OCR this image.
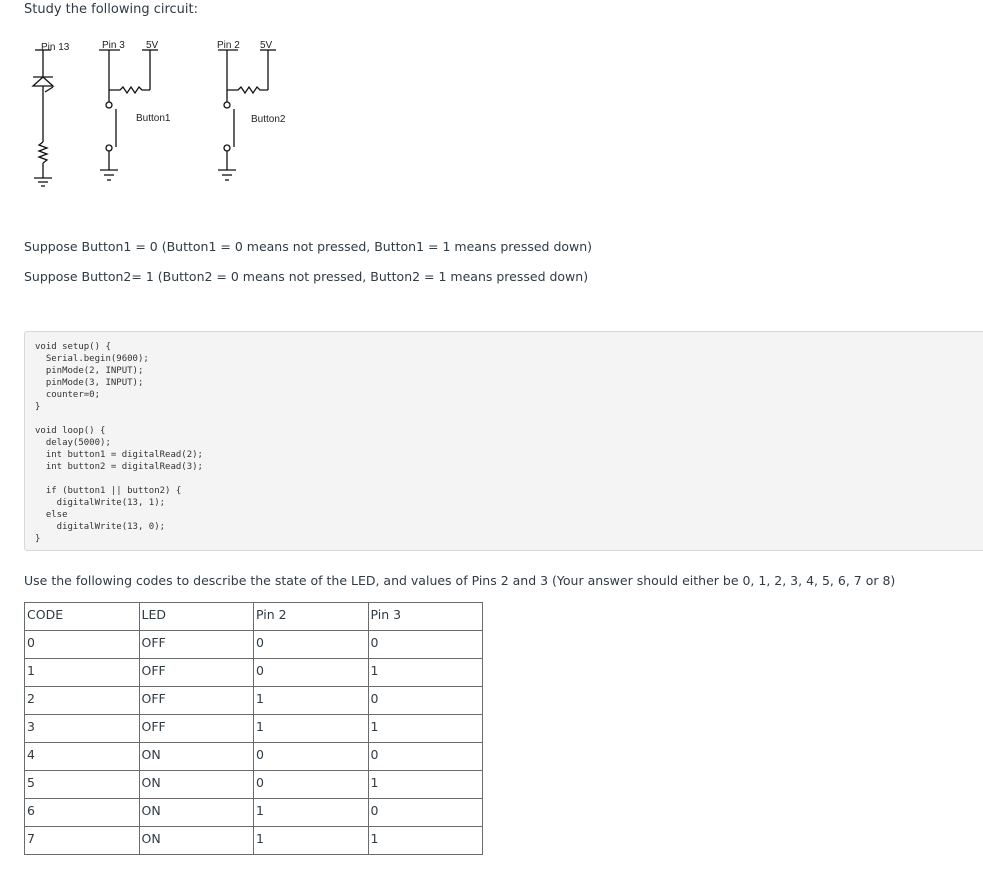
Study the following circuit:
Pin 13	Pin 3 5V	Pin 2 5V
Button1	Button2
Suppose Button1 = 0 (Button1 = 0 means not pressed, Button1 = 1 means pressed down)
Suppose Button2= 1 (Button2 = 0 means not pressed, Button2 = 1 means pressed down)
void setup() {
Serial.begin(9600);
pinMode(2, INPUT);
pinMode(3, INPUT);
counter=0;
}

void loop() {
delay(5000);
int button1 = digitalRead(2);
int button2 = digitalRead(3);

if (button1 || button2) {
digitalWrite(13, 1);
else
digitalWrite(13, 0);
}
Use the following codes to describe the state of the LED, and values of Pins 2 and 3 (Your answer should either be 0, 1, 2, 3, 4, 5, 6, 7 or 8)
CODE	LED	Pin 2	Pin 3
0	OFF	0	0
1	OFF	0	1
2	OFF	1	0
3	OFF	1	1
4	ON	0	0
5	ON	0	1
6	ON	1	0
7	ON	1	1
